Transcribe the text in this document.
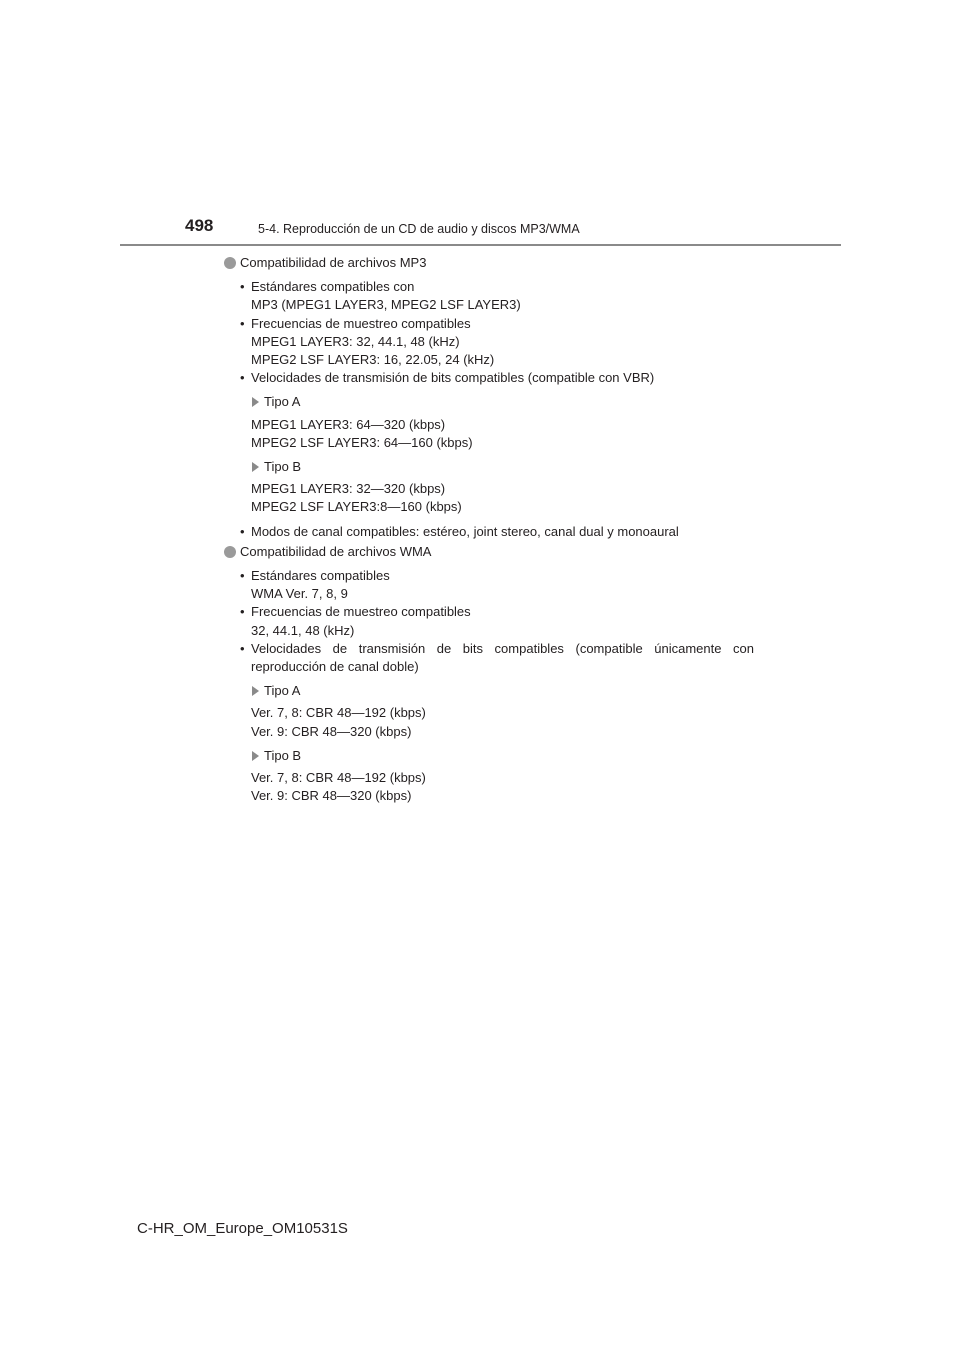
498	5-4. Reproducción de un CD de audio y discos MP3/WMA

Compatibilidad de archivos MP3

• Estándares compatibles con
MP3 (MPEG1 LAYER3, MPEG2 LSF LAYER3)
• Frecuencias de muestreo compatibles
MPEG1 LAYER3: 32, 44.1, 48 (kHz)
MPEG2 LSF LAYER3: 16, 22.05, 24 (kHz)
• Velocidades de transmisión de bits compatibles (compatible con VBR)
Tipo A
MPEG1 LAYER3: 64—320 (kbps)
MPEG2 LSF LAYER3: 64—160 (kbps)
Tipo B
MPEG1 LAYER3: 32—320 (kbps)
MPEG2 LSF LAYER3:8—160 (kbps)
• Modos de canal compatibles: estéreo, joint stereo, canal dual y monoaural

Compatibilidad de archivos WMA

• Estándares compatibles
WMA Ver. 7, 8, 9
• Frecuencias de muestreo compatibles
32, 44.1, 48 (kHz)
• Velocidades de transmisión de bits compatibles (compatible únicamente con reproducción de canal doble)
Tipo A
Ver. 7, 8: CBR 48—192 (kbps)
Ver. 9: CBR 48—320 (kbps)
Tipo B
Ver. 7, 8: CBR 48—192 (kbps)
Ver. 9: CBR 48—320 (kbps)
C-HR_OM_Europe_OM10531S
